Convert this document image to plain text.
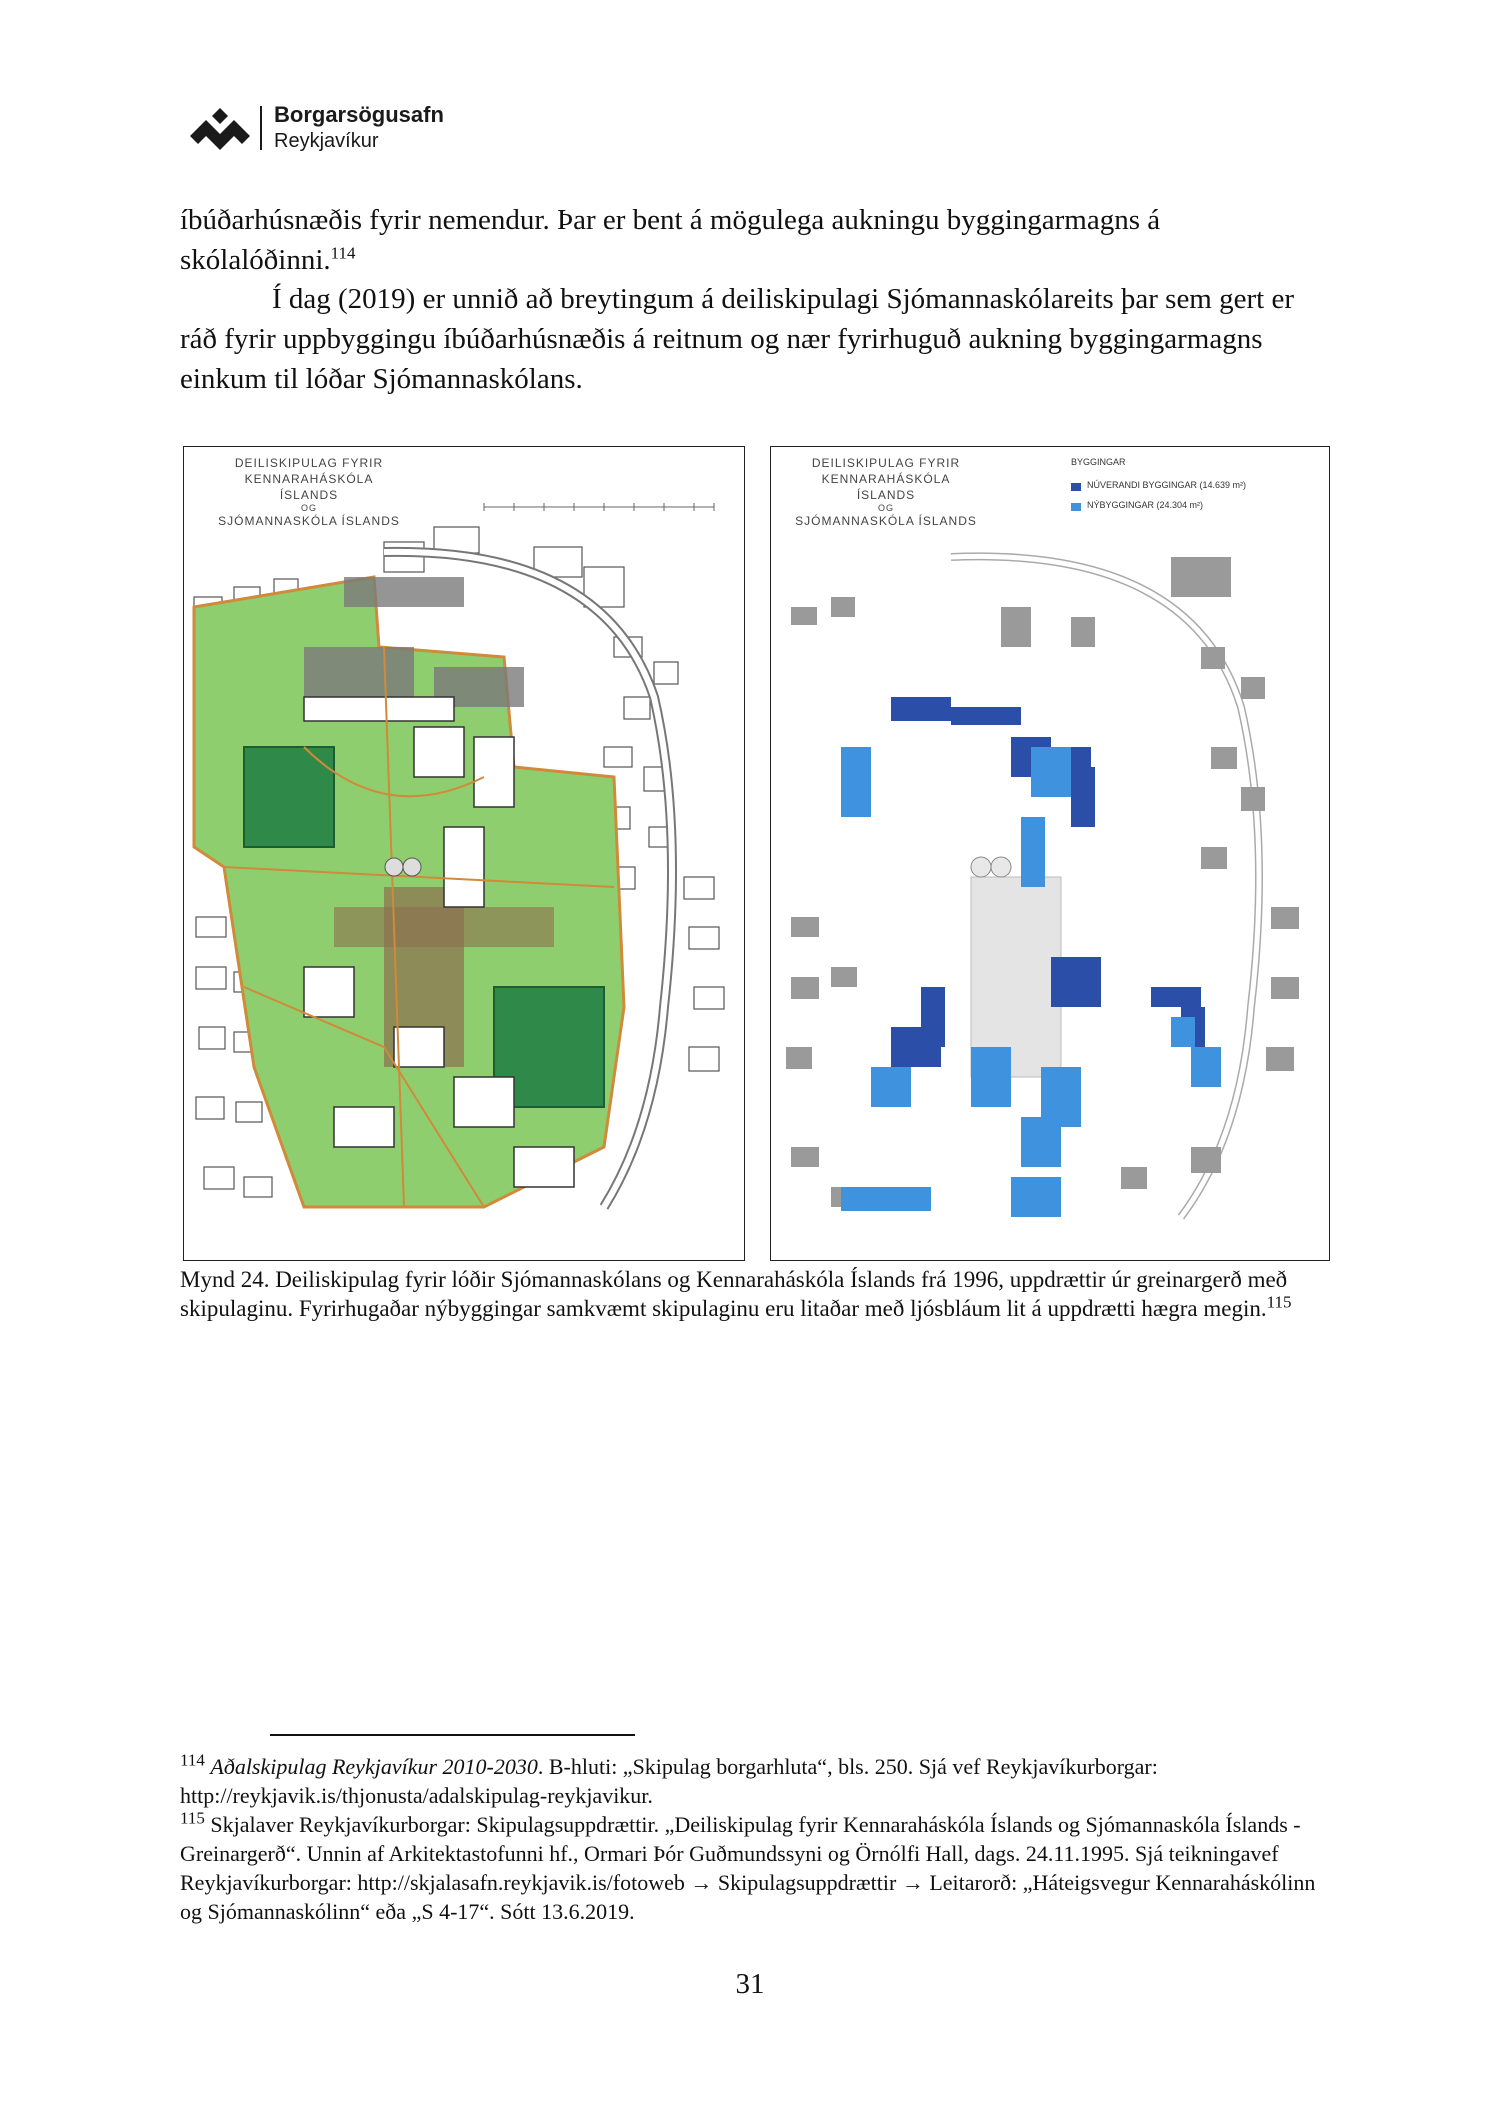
Borgarsögusafn
Reykjavíkur
íbúðarhúsnæðis fyrir nemendur. Þar er bent á mögulega aukningu byggingarmagns á skólalóðinni.$^{114}$
Í dag (2019) er unnið að breytingum á deiliskipulagi Sjómannaskólareits þar sem gert er ráð fyrir uppbyggingu íbúðarhúsnæðis á reitnum og nær fyrirhuguð aukning byggingarmagns einkum til lóðar Sjómannaskólans.
DEILISKIPULAG FYRIR
KENNARAHÁSKÓLA ÍSLANDS
OG
SJÓMANNASKÓLA ÍSLANDS
DEILISKIPULAG FYRIR
KENNARAHÁSKÓLA ÍSLANDS
OG
SJÓMANNASKÓLA ÍSLANDS
BYGGINGAR
NÚVERANDI BYGGINGAR (14.639 m²)
NÝBYGGINGAR (24.304 m²)
Mynd 24. Deiliskipulag fyrir lóðir Sjómannaskólans og Kennaraháskóla Íslands frá 1996, uppdrættir úr greinargerð með skipulaginu. Fyrirhugaðar nýbyggingar samkvæmt skipulaginu eru litaðar með ljósbláum lit á uppdrætti hægra megin.$^{115}$

$^{114}$ Aðalskipulag Reykjavíkur 2010-2030. B-hluti: „Skipulag borgarhluta“, bls. 250. Sjá vef Reykjavíkurborgar: http://reykjavik.is/thjonusta/adalskipulag-reykjavikur.

$^{115}$ Skjalaver Reykjavíkurborgar: Skipulagsuppdrættir. „Deiliskipulag fyrir Kennaraháskóla Íslands og Sjómannaskóla Íslands - Greinargerð“. Unnin af Arkitektastofunni hf., Ormari Þór Guðmundssyni og Örnólfi Hall, dags. 24.11.1995. Sjá teikningavef Reykjavíkurborgar: http://skjalasafn.reykjavik.is/fotoweb → Skipulagsuppdrættir → Leitarorð: „Háteigsvegur Kennaraháskólinn og Sjómannaskólinn“ eða „S 4-17“. Sótt 13.6.2019.

31
